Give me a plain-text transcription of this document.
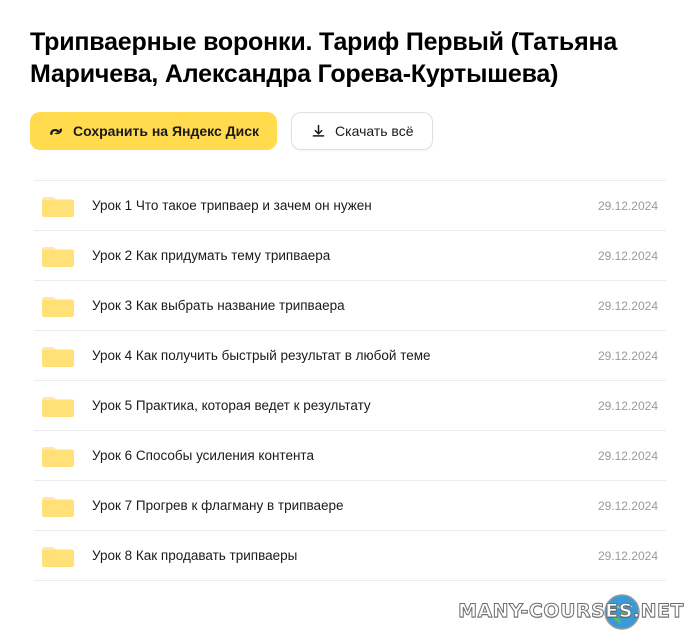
Трипваерные воронки. Тариф Первый (Татьяна Маричева, Александра Горева-Куртышева)
Сохранить на Яндекс Диск	Скачать всё
Урок 1 Что такое трипваер и зачем он нужен	29.12.2024
Урок 2 Как придумать тему трипваера	29.12.2024
Урок 3 Как выбрать название трипваера	29.12.2024
Урок 4 Как получить быстрый результат в любой теме	29.12.2024
Урок 5 Практика, которая ведет к результату	29.12.2024
Урок 6 Способы усиления контента	29.12.2024
Урок 7 Прогрев к флагману в трипваере	29.12.2024
Урок 8 Как продавать трипваеры	29.12.2024
MANY-COURSES.NET
